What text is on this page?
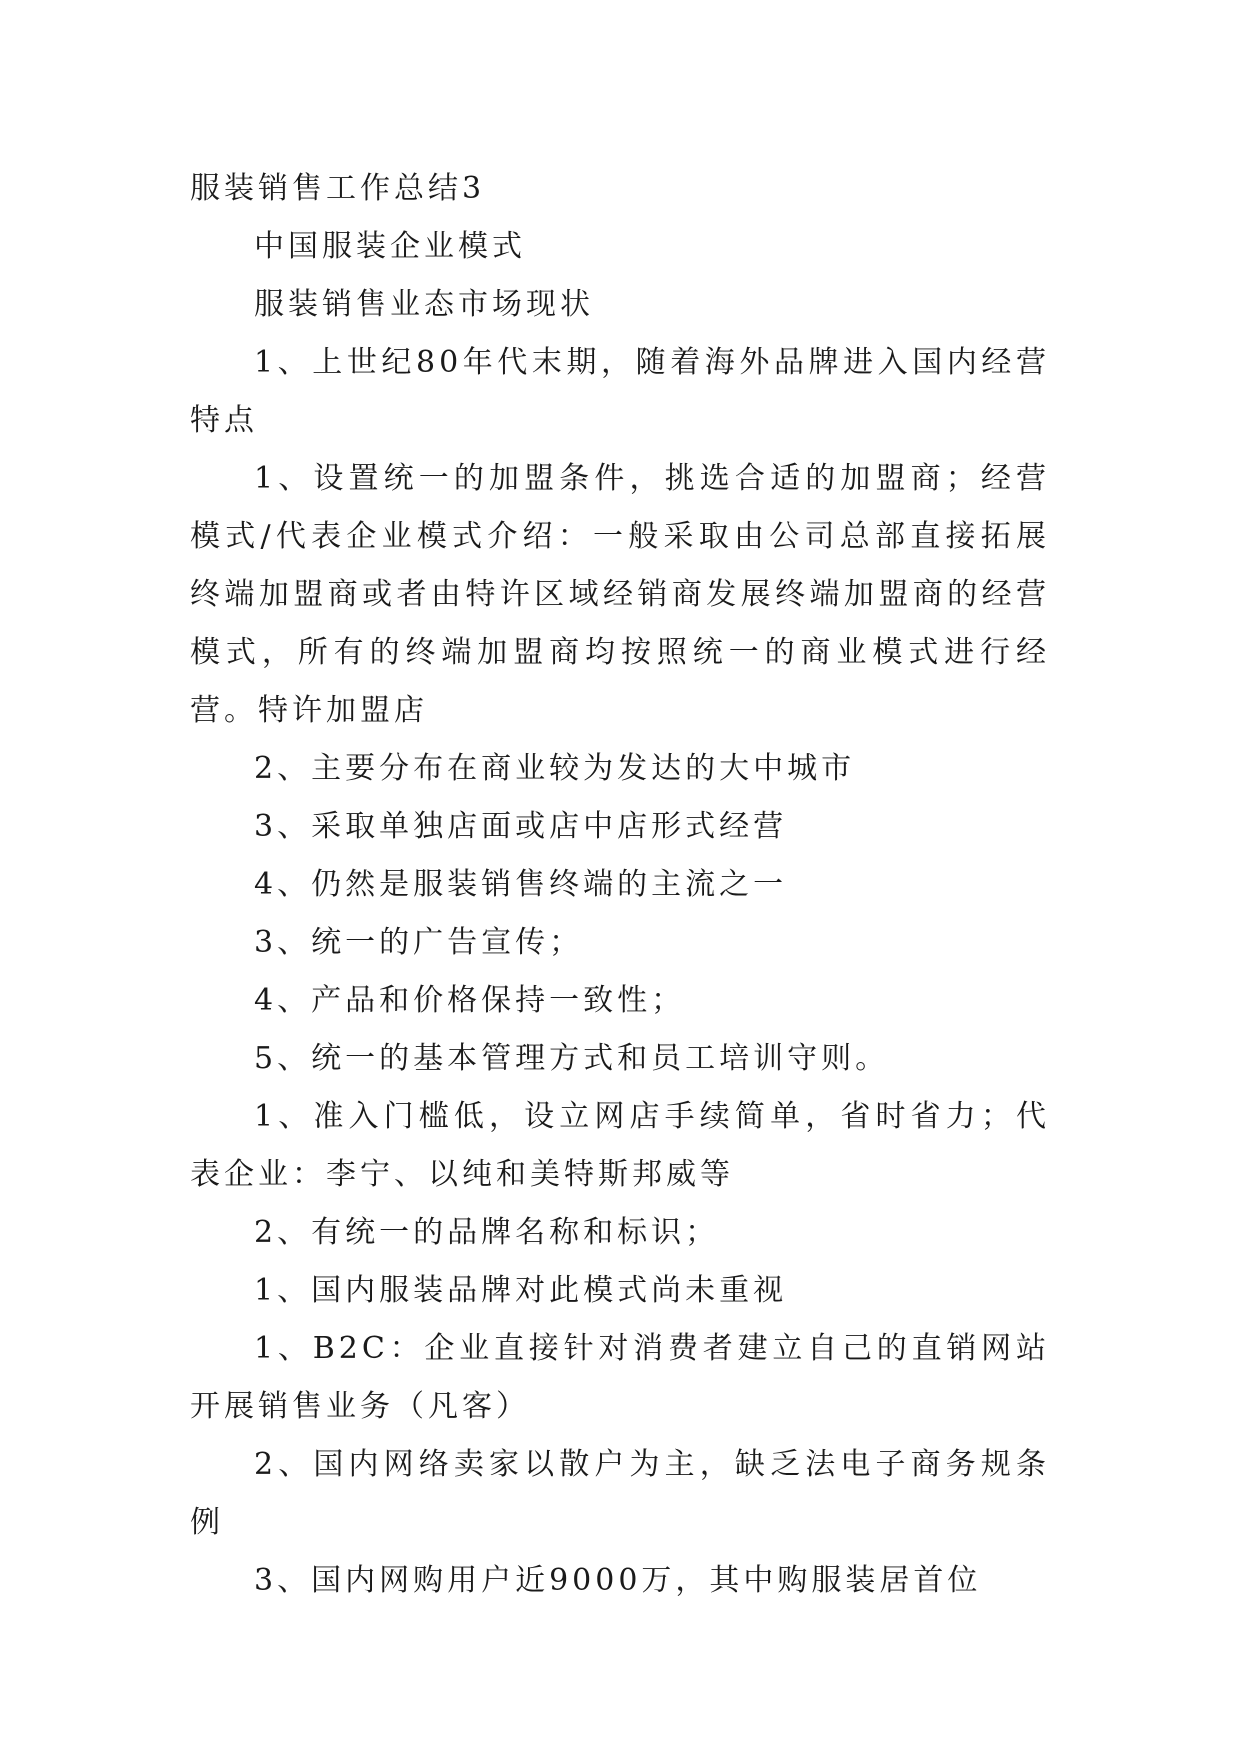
服装销售工作总结3

中国服装企业模式

服装销售业态市场现状

1、上世纪80年代末期，随着海外品牌进入国内经营特点

1、设置统一的加盟条件，挑选合适的加盟商；经营模式/代表企业模式介绍：一般采取由公司总部直接拓展终端加盟商或者由特许区域经销商发展终端加盟商的经营模式，所有的终端加盟商均按照统一的商业模式进行经营。特许加盟店

2、主要分布在商业较为发达的大中城市

3、采取单独店面或店中店形式经营

4、仍然是服装销售终端的主流之一

3、统一的广告宣传；

4、产品和价格保持一致性；

5、统一的基本管理方式和员工培训守则。

1、准入门槛低，设立网店手续简单，省时省力；代表企业：李宁、以纯和美特斯邦威等

2、有统一的品牌名称和标识；

1、国内服装品牌对此模式尚未重视

1、B2C：企业直接针对消费者建立自己的直销网站开展销售业务（凡客）

2、国内网络卖家以散户为主，缺乏法电子商务规条例

3、国内网购用户近9000万，其中购服装居首位
